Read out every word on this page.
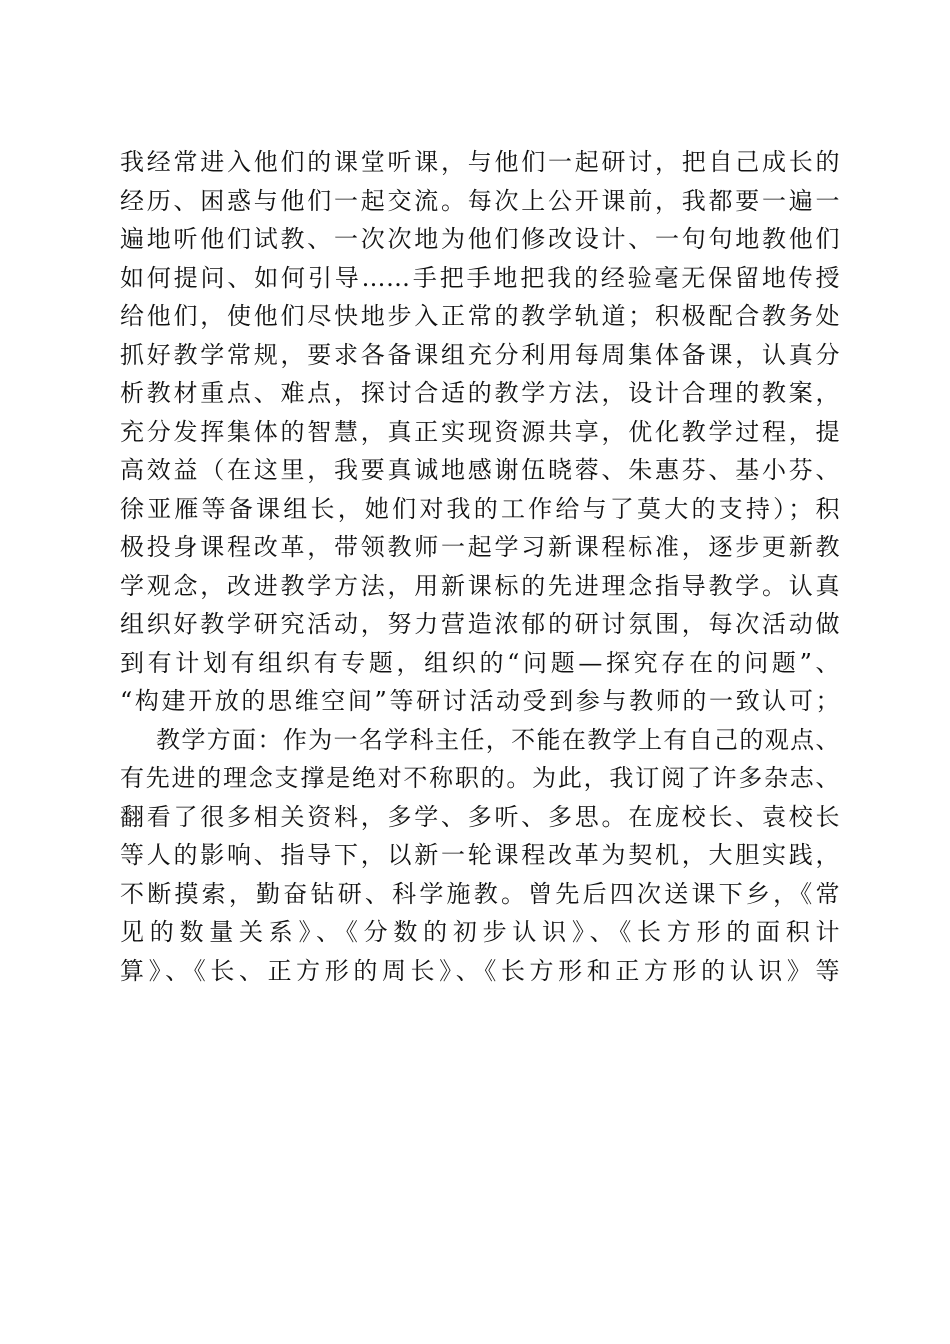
我经常进入他们的课堂听课，与他们一起研讨，把自己成长的
经历、困惑与他们一起交流。每次上公开课前，我都要一遍一
遍地听他们试教、一次次地为他们修改设计、一句句地教他们
如何提问、如何引导……手把手地把我的经验毫无保留地传授
给他们，使他们尽快地步入正常的教学轨道；积极配合教务处
抓好教学常规，要求各备课组充分利用每周集体备课，认真分
析教材重点、难点，探讨合适的教学方法，设计合理的教案，
充分发挥集体的智慧，真正实现资源共享，优化教学过程，提
高效益（在这里，我要真诚地感谢伍晓蓉、朱惠芬、基小芬、
徐亚雁等备课组长，她们对我的工作给与了莫大的支持）；积
极投身课程改革，带领教师一起学习新课程标准，逐步更新教
学观念，改进教学方法，用新课标的先进理念指导教学。认真
组织好教学研究活动，努力营造浓郁的研讨氛围，每次活动做
到有计划有组织有专题，组织的“问题—探究存在的问题”、
“构建开放的思维空间”等研讨活动受到参与教师的一致认可；
教学方面：作为一名学科主任，不能在教学上有自己的观点、
有先进的理念支撑是绝对不称职的。为此，我订阅了许多杂志、
翻看了很多相关资料，多学、多听、多思。在庞校长、袁校长
等人的影响、指导下，以新一轮课程改革为契机，大胆实践，
不断摸索，勤奋钻研、科学施教。曾先后四次送课下乡，《常
见的数量关系》、《分数的初步认识》、《长方形的面积计
算》、《长、正方形的周长》、《长方形和正方形的认识》等
